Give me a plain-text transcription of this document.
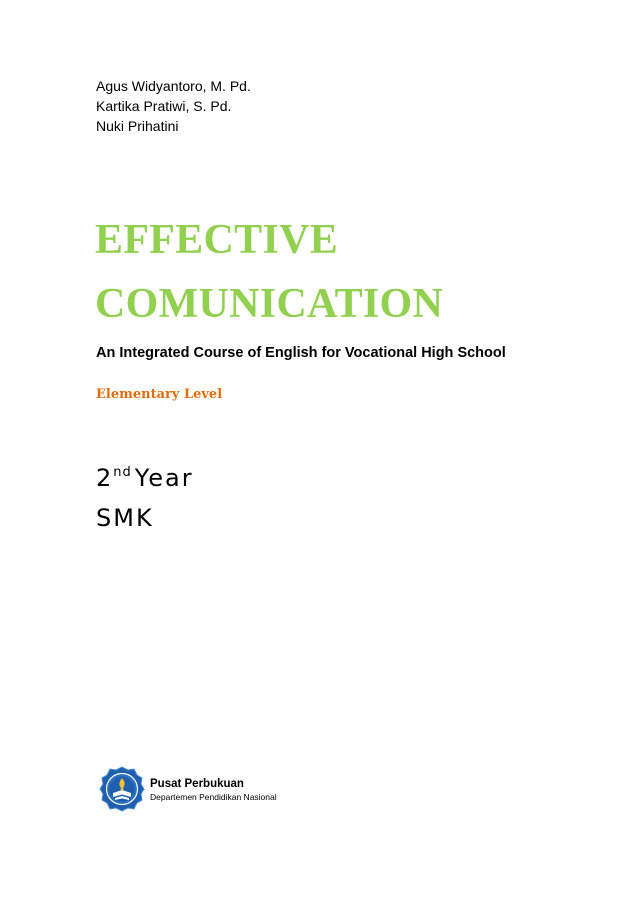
Agus Widyantoro, M. Pd.
Kartika Pratiwi, S. Pd.
Nuki Prihatini
EFFECTIVE
COMUNICATION
An Integrated Course of English for Vocational High School
Elementary Level
2nd Year
SMK
Pusat Perbukuan
Departemen Pendidikan Nasional
